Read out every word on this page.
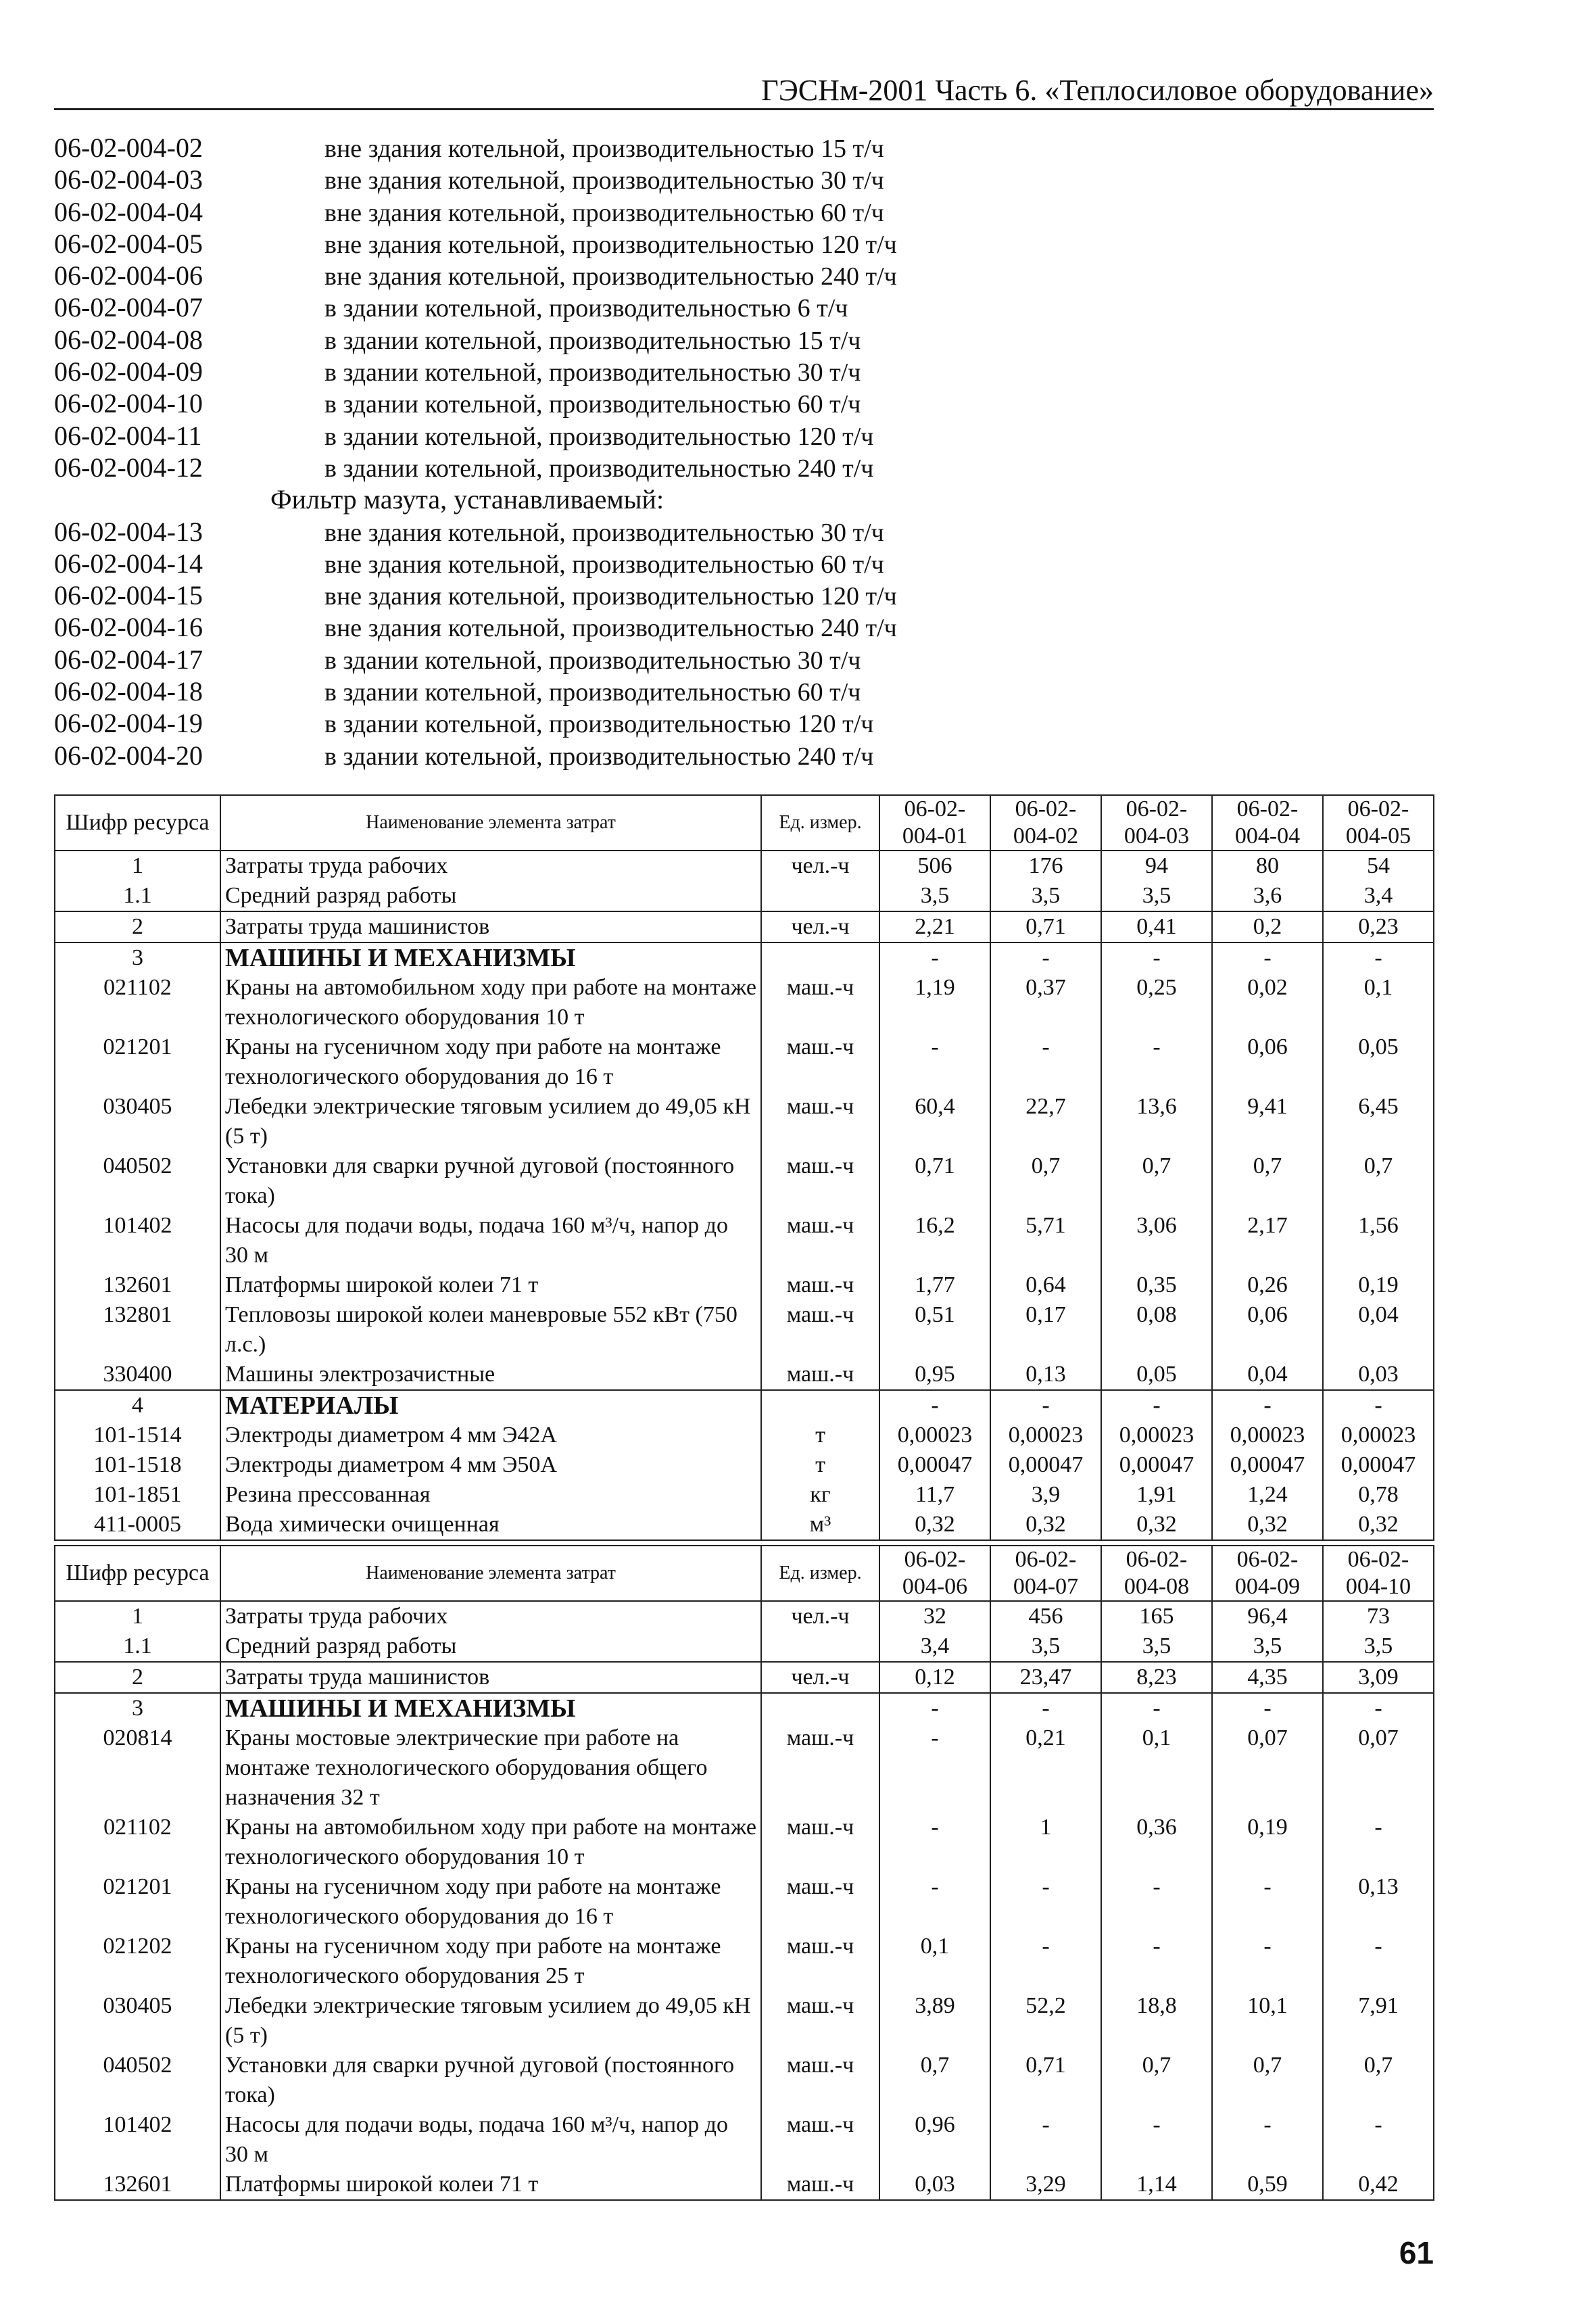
ГЭСНм-2001 Часть 6. «Теплосиловое оборудование»
06-02-004-02	вне здания котельной, производительностью 15 т/ч
06-02-004-03	вне здания котельной, производительностью 30 т/ч
06-02-004-04	вне здания котельной, производительностью 60 т/ч
06-02-004-05	вне здания котельной, производительностью 120 т/ч
06-02-004-06	вне здания котельной, производительностью 240 т/ч
06-02-004-07	в здании котельной, производительностью 6 т/ч
06-02-004-08	в здании котельной, производительностью 15 т/ч
06-02-004-09	в здании котельной, производительностью 30 т/ч
06-02-004-10	в здании котельной, производительностью 60 т/ч
06-02-004-11	в здании котельной, производительностью 120 т/ч
06-02-004-12	в здании котельной, производительностью 240 т/ч
Фильтр мазута, устанавливаемый:
06-02-004-13	вне здания котельной, производительностью 30 т/ч
06-02-004-14	вне здания котельной, производительностью 60 т/ч
06-02-004-15	вне здания котельной, производительностью 120 т/ч
06-02-004-16	вне здания котельной, производительностью 240 т/ч
06-02-004-17	в здании котельной, производительностью 30 т/ч
06-02-004-18	в здании котельной, производительностью 60 т/ч
06-02-004-19	в здании котельной, производительностью 120 т/ч
06-02-004-20	в здании котельной, производительностью 240 т/ч
Шифр ресурса	Наименование элемента затрат	Ед. измер.	06-02-004-01	06-02-004-02	06-02-004-03	06-02-004-04	06-02-004-05
1	Затраты труда рабочих	чел.-ч	506	176	94	80	54
1.1	Средний разряд работы		3,5	3,5	3,5	3,6	3,4
2	Затраты труда машинистов	чел.-ч	2,21	0,71	0,41	0,2	0,23
3	МАШИНЫ И МЕХАНИЗМЫ		-	-	-	-	-
021102	Краны на автомобильном ходу при работе на монтаже технологического оборудования 10 т	маш.-ч	1,19	0,37	0,25	0,02	0,1
021201	Краны на гусеничном ходу при работе на монтаже технологического оборудования до 16 т	маш.-ч	-	-	-	0,06	0,05
030405	Лебедки электрические тяговым усилием до 49,05 кН (5 т)	маш.-ч	60,4	22,7	13,6	9,41	6,45
040502	Установки для сварки ручной дуговой (постоянного тока)	маш.-ч	0,71	0,7	0,7	0,7	0,7
101402	Насосы для подачи воды, подача 160 м³/ч, напор до 30 м	маш.-ч	16,2	5,71	3,06	2,17	1,56
132601	Платформы широкой колеи 71 т	маш.-ч	1,77	0,64	0,35	0,26	0,19
132801	Тепловозы широкой колеи маневровые 552 кВт (750 л.с.)	маш.-ч	0,51	0,17	0,08	0,06	0,04
330400	Машины электрозачистные	маш.-ч	0,95	0,13	0,05	0,04	0,03
4	МАТЕРИАЛЫ		-	-	-	-	-
101-1514	Электроды диаметром 4 мм Э42А	т	0,00023	0,00023	0,00023	0,00023	0,00023
101-1518	Электроды диаметром 4 мм Э50А	т	0,00047	0,00047	0,00047	0,00047	0,00047
101-1851	Резина прессованная	кг	11,7	3,9	1,91	1,24	0,78
411-0005	Вода химически очищенная	м³	0,32	0,32	0,32	0,32	0,32
Шифр ресурса	Наименование элемента затрат	Ед. измер.	06-02-004-06	06-02-004-07	06-02-004-08	06-02-004-09	06-02-004-10
1	Затраты труда рабочих	чел.-ч	32	456	165	96,4	73
1.1	Средний разряд работы		3,4	3,5	3,5	3,5	3,5
2	Затраты труда машинистов	чел.-ч	0,12	23,47	8,23	4,35	3,09
3	МАШИНЫ И МЕХАНИЗМЫ		-	-	-	-	-
020814	Краны мостовые электрические при работе на монтаже технологического оборудования общего назначения 32 т	маш.-ч	-	0,21	0,1	0,07	0,07
021102	Краны на автомобильном ходу при работе на монтаже технологического оборудования 10 т	маш.-ч	-	1	0,36	0,19	-
021201	Краны на гусеничном ходу при работе на монтаже технологического оборудования до 16 т	маш.-ч	-	-	-	-	0,13
021202	Краны на гусеничном ходу при работе на монтаже технологического оборудования 25 т	маш.-ч	0,1	-	-	-	-
030405	Лебедки электрические тяговым усилием до 49,05 кН (5 т)	маш.-ч	3,89	52,2	18,8	10,1	7,91
040502	Установки для сварки ручной дуговой (постоянного тока)	маш.-ч	0,7	0,71	0,7	0,7	0,7
101402	Насосы для подачи воды, подача 160 м³/ч, напор до 30 м	маш.-ч	0,96	-	-	-	-
132601	Платформы широкой колеи 71 т	маш.-ч	0,03	3,29	1,14	0,59	0,42
61
